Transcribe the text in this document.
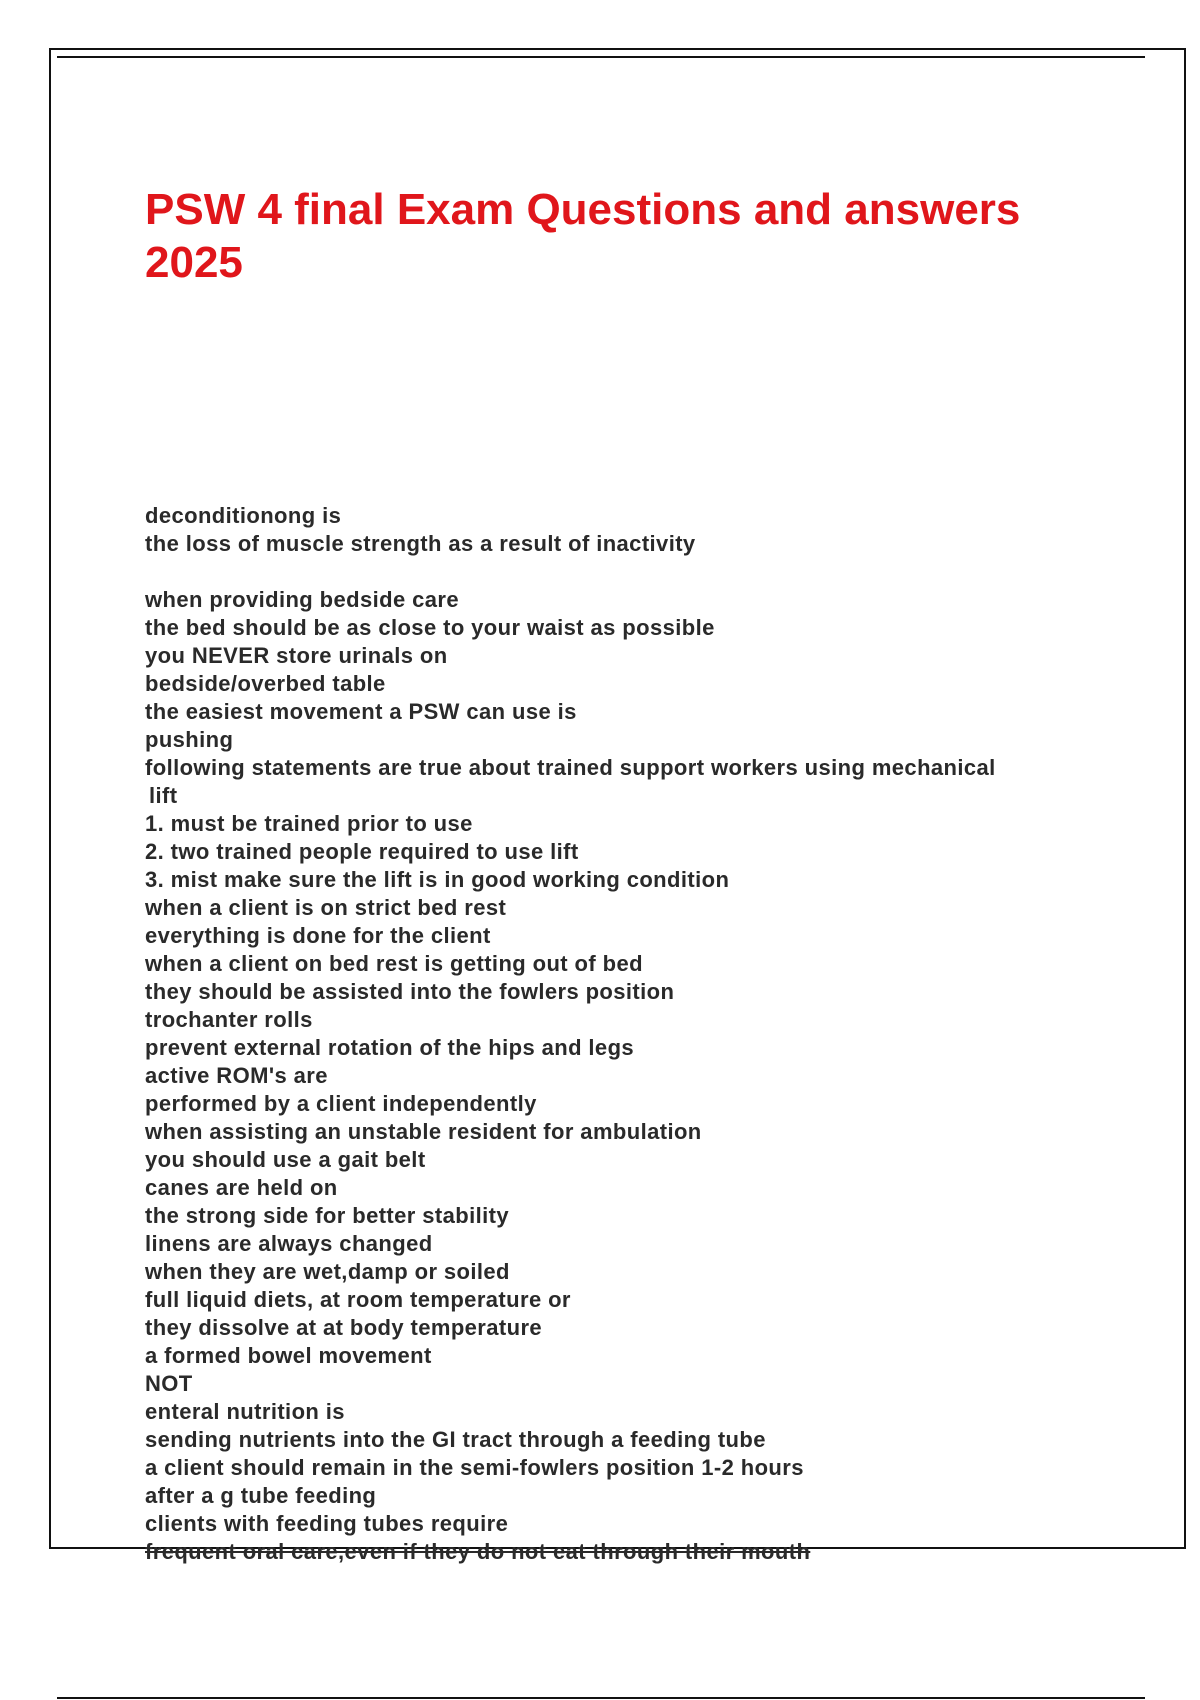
PSW 4 final Exam Questions and answers 2025
deconditionong is
the loss of muscle strength as a result of inactivity
when providing bedside care
the bed should be as close to your waist as possible
you NEVER store urinals on
bedside/overbed table
the easiest movement a PSW can use is
pushing
following statements are true about trained support workers using mechanical
lift
1. must be trained prior to use
2. two trained people required to use lift
3. mist make sure the lift is in good working condition
when a client is on strict bed rest
everything is done for the client
when a client on bed rest is getting out of bed
they should be assisted into the fowlers position
trochanter rolls
prevent external rotation of the hips and legs
active ROM's are
performed by a client independently
when assisting an unstable resident for ambulation
you should use a gait belt
canes are held on
the strong side for better stability
linens are always changed
when they are wet,damp or soiled
full liquid diets, at room temperature or
they dissolve at at body temperature
a formed bowel movement
NOT
enteral nutrition is
sending nutrients into the GI tract through a feeding tube
a client should remain in the semi-fowlers position 1-2 hours
after a g tube feeding
clients with feeding tubes require
frequent oral care,even if they do not eat through their mouth
